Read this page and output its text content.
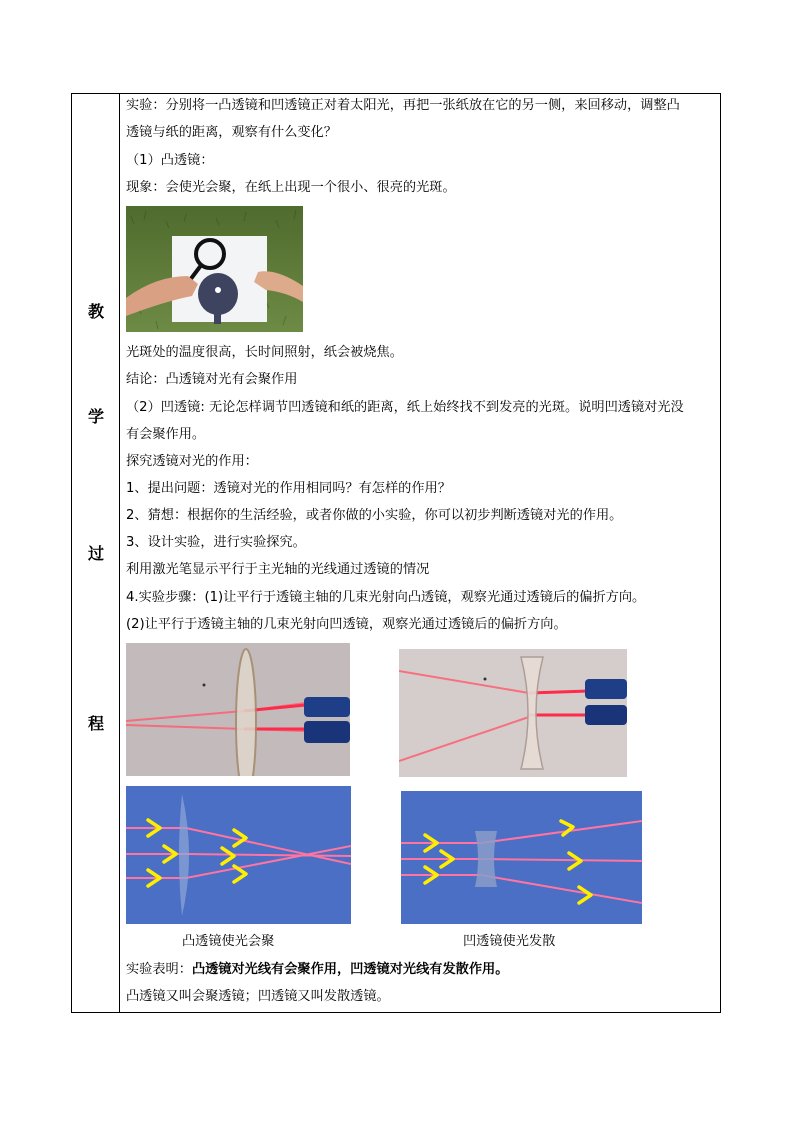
教
学
过
程
实验：分别将一凸透镜和凹透镜正对着太阳光，再把一张纸放在它的另一侧，来回移动，调整凸
透镜与纸的距离，观察有什么变化？
（1）凸透镜：
现象：会使光会聚，在纸上出现一个很小、很亮的光斑。
光斑处的温度很高，长时间照射，纸会被烧焦。
结论：凸透镜对光有会聚作用
（2）凹透镜: 无论怎样调节凹透镜和纸的距离，纸上始终找不到发亮的光斑。说明凹透镜对光没
有会聚作用。
探究透镜对光的作用：
1、提出问题：透镜对光的作用相同吗？有怎样的作用？
2、猜想：根据你的生活经验，或者你做的小实验，你可以初步判断透镜对光的作用。
3、设计实验，进行实验探究。
利用激光笔显示平行于主光轴的光线通过透镜的情况
4.实验步骤：(1)让平行于透镜主轴的几束光射向凸透镜，观察光通过透镜后的偏折方向。
(2)让平行于透镜主轴的几束光射向凹透镜，观察光通过透镜后的偏折方向。
凸透镜使光会聚	凹透镜使光发散
实验表明：凸透镜对光线有会聚作用，凹透镜对光线有发散作用。
凸透镜又叫会聚透镜；凹透镜又叫发散透镜。
